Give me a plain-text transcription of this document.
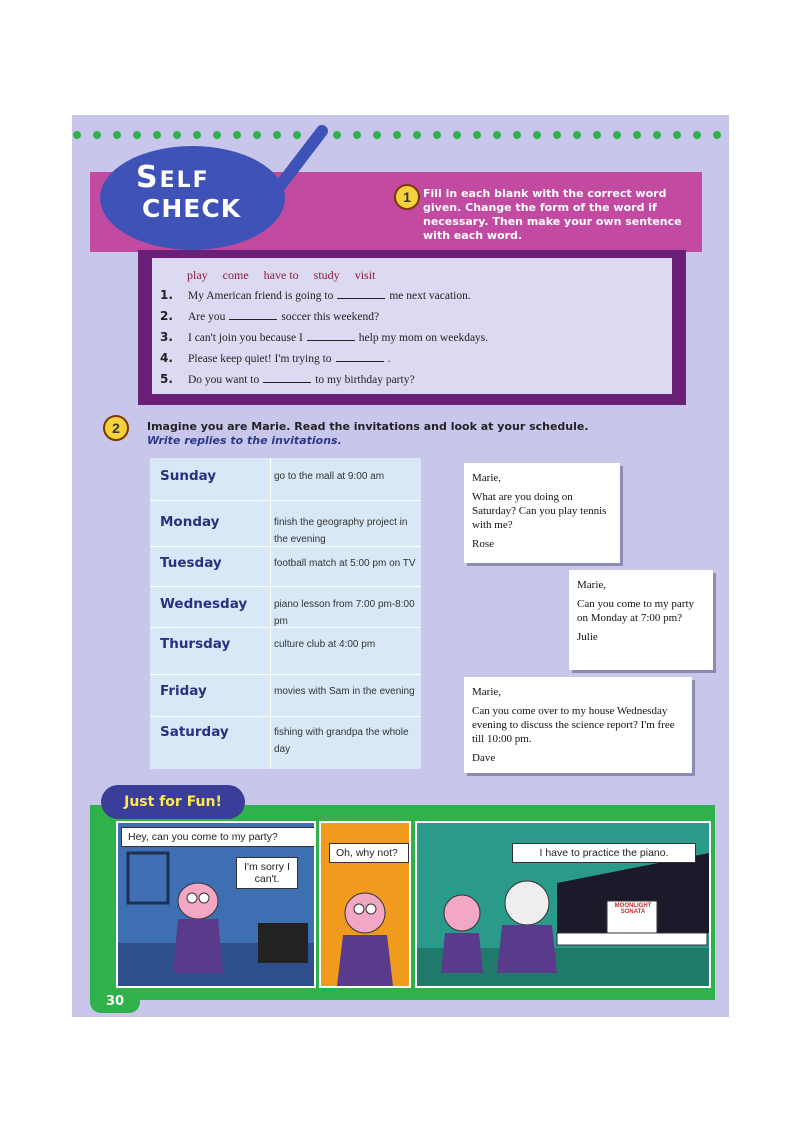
SELF
CHECK	1	Fill in each blank with the correct word given. Change the form of the word if necessary. Then make your own sentence with each word.
play come have to study visit
1. My American friend is going to	me next vacation.
2. Are you	soccer this weekend?
3. I can't join you because I	help my mom on weekdays.
4. Please keep quiet! I'm trying to	.
5. Do you want to	to my birthday party?
2	Imagine you are Marie. Read the invitations and look at your schedule.
Write replies to the invitations.
Sunday	go to the mall at 9:00 am
Monday	finish the geography project in the evening
Tuesday	football match at 5:00 pm on TV
Wednesday	piano lesson from 7:00 pm-8:00 pm
Thursday	culture club at 4:00 pm
Friday	movies with Sam in the evening
Saturday	fishing with grandpa the whole day

Marie,

What are you doing on Saturday? Can you play tennis with me?

Rose

Marie,

Can you come to my party on Monday at 7:00 pm?

Julie

Marie,

Can you come over to my house Wednesday evening to discuss the science report? I'm free till 10:00 pm.

Dave

Hey, can you come to my party?
I'm sorry I can't.
Oh, why not?
MOONLIGHT SONATA
I have to practice the piano.
Just for Fun!
30
